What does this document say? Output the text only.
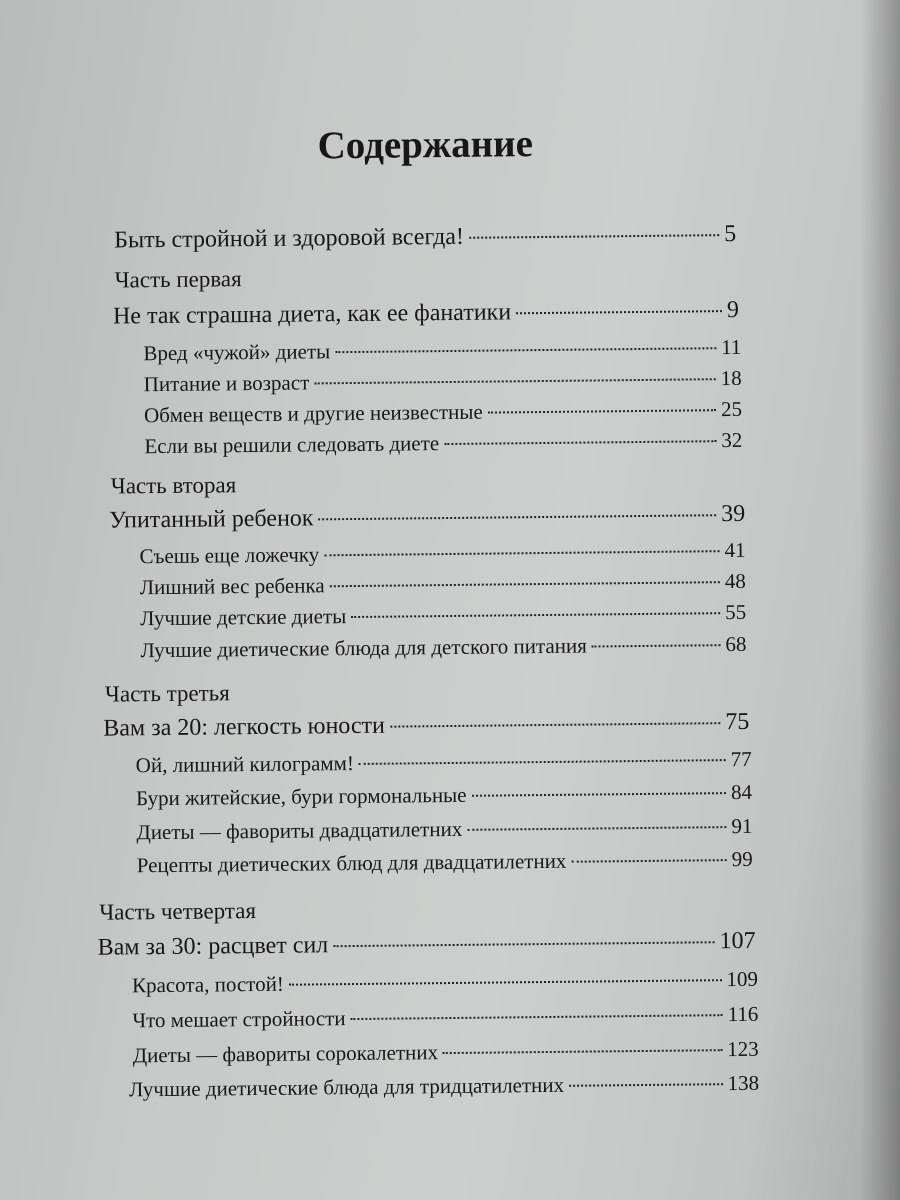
Содержание
Быть стройной и здоровой всегда!	5
Часть первая
Не так страшна диета, как ее фанатики	9
Вред «чужой» диеты	11
Питание и возраст	18
Обмен веществ и другие неизвестные	25
Если вы решили следовать диете	32
Часть вторая
Упитанный ребенок	39
Съешь еще ложечку	41
Лишний вес ребенка	48
Лучшие детские диеты	55
Лучшие диетические блюда для детского питания	68
Часть третья
Вам за 20: легкость юности	75
Ой, лишний килограмм!	77
Бури житейские, бури гормональные	84
Диеты — фавориты двадцатилетних	91
Рецепты диетических блюд для двадцатилетних	99
Часть четвертая
Вам за 30: расцвет сил	107
Красота, постой!	109
Что мешает стройности	116
Диеты — фавориты сорокалетних	123
Лучшие диетические блюда для тридцатилетних	138
